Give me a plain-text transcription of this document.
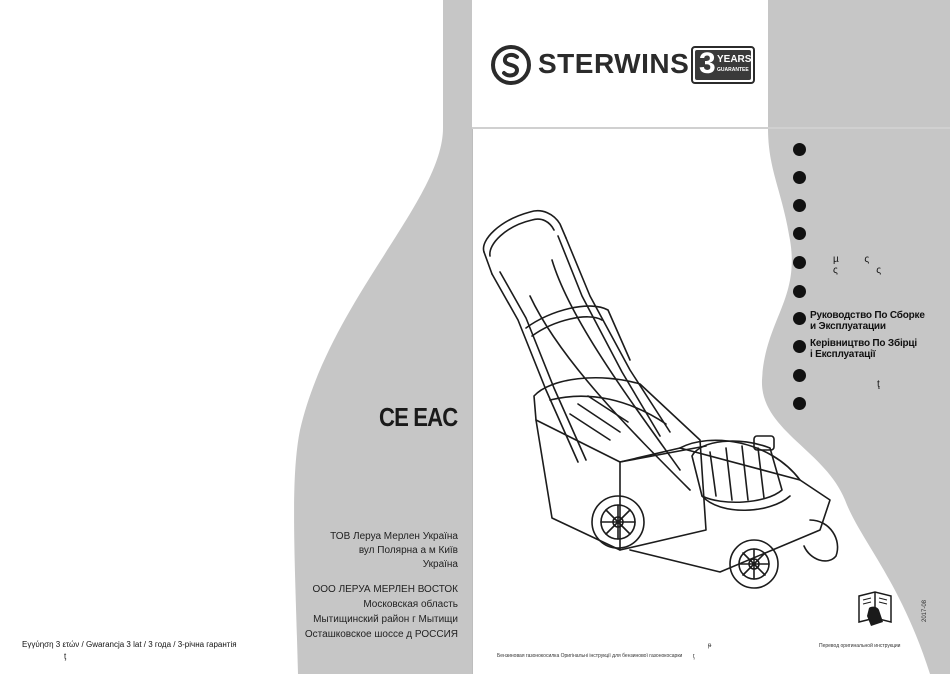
STERWINS 3 YEARS
GUARANTEE
µ          ς
ς               ς
Руководство По Сборке
и Эксплуатации
Керівництво По Збірці
і Експлуатації
ţ
CE EAC
ТОВ Леруа Мерлен Україна
вул Полярна а м Київ
Україна
ООО ЛЕРУА МЕРЛЕН ВОСТОК
Московская область
Мытищинский район г Мытищи
Осташковское шоссе д РОССИЯ
Εγγύηση 3 ετών / Gwarancja 3 lat / 3 года / 3-річна гарантія
ţ	Бензиновая газонокосилка Оригінальні інструкції для бензинової газонокосарки ţ
ᵽ	Перевод оригинальной инструкции
2017-08
